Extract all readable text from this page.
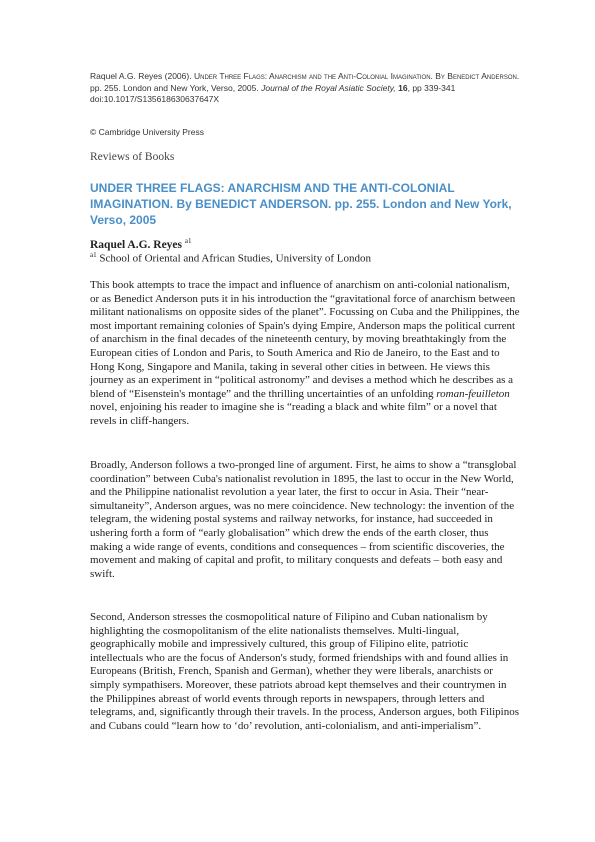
Raquel A.G. Reyes (2006). Under Three Flags: Anarchism and the Anti-Colonial Imagination. By Benedict Anderson. pp. 255. London and New York, Verso, 2005. Journal of the Royal Asiatic Society, 16, pp 339-341
doi:10.1017/S135618630637647X
© Cambridge University Press
Reviews of Books
UNDER THREE FLAGS: ANARCHISM AND THE ANTI-COLONIAL IMAGINATION. By BENEDICT ANDERSON. pp. 255. London and New York, Verso, 2005
Raquel A.G. Reyes $^{a1}$
$^{a1}$ School of Oriental and African Studies, University of London

This book attempts to trace the impact and influence of anarchism on anti-colonial nationalism, or as Benedict Anderson puts it in his introduction the “gravitational force of anarchism between militant nationalisms on opposite sides of the planet”. Focussing on Cuba and the Philippines, the most important remaining colonies of Spain's dying Empire, Anderson maps the political current of anarchism in the final decades of the nineteenth century, by moving breathtakingly from the European cities of London and Paris, to South America and Rio de Janeiro, to the East and to Hong Kong, Singapore and Manila, taking in several other cities in between. He views this journey as an experiment in “political astronomy” and devises a method which he describes as a blend of “Eisenstein's montage” and the thrilling uncertainties of an unfolding roman-feuilleton novel, enjoining his reader to imagine she is “reading a black and white film” or a novel that revels in cliff-hangers.

Broadly, Anderson follows a two-pronged line of argument. First, he aims to show a “transglobal coordination” between Cuba's nationalist revolution in 1895, the last to occur in the New World, and the Philippine nationalist revolution a year later, the first to occur in Asia. Their “near-simultaneity”, Anderson argues, was no mere coincidence. New technology: the invention of the telegram, the widening postal systems and railway networks, for instance, had succeeded in ushering forth a form of “early globalisation” which drew the ends of the earth closer, thus making a wide range of events, conditions and consequences – from scientific discoveries, the movement and making of capital and profit, to military conquests and defeats – both easy and swift.

Second, Anderson stresses the cosmopolitical nature of Filipino and Cuban nationalism by highlighting the cosmopolitanism of the elite nationalists themselves. Multi-lingual, geographically mobile and impressively cultured, this group of Filipino elite, patriotic intellectuals who are the focus of Anderson's study, formed friendships with and found allies in Europeans (British, French, Spanish and German), whether they were liberals, anarchists or simply sympathisers. Moreover, these patriots abroad kept themselves and their countrymen in the Philippines abreast of world events through reports in newspapers, through letters and telegrams, and, significantly through their travels. In the process, Anderson argues, both Filipinos and Cubans could “learn how to ‘do’ revolution, anti-colonialism, and anti-imperialism”.
